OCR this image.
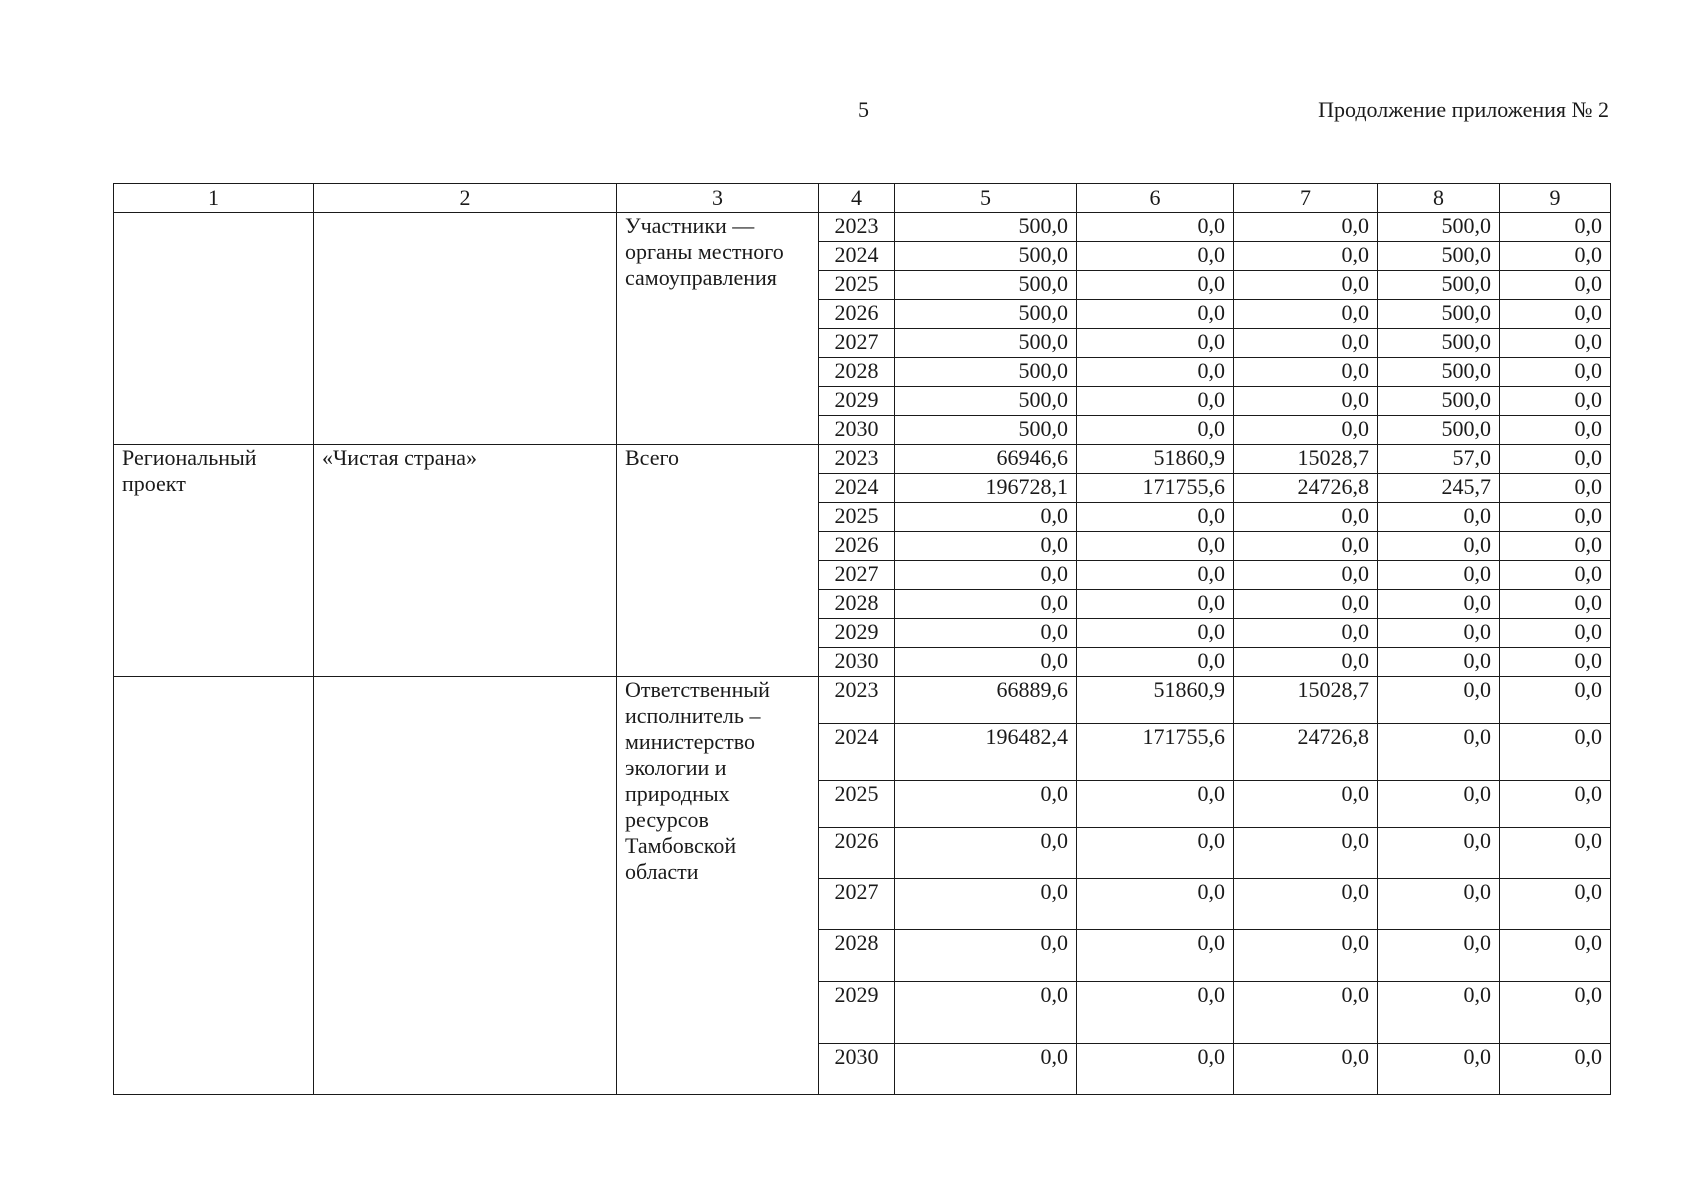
5	Продолжение приложения № 2
1	2	3	4	5	6	7	8	9
		Участники — органы местного самоуправления	2023	500,0	0,0	0,0	500,0	0,0
			2024	500,0	0,0	0,0	500,0	0,0
			2025	500,0	0,0	0,0	500,0	0,0
			2026	500,0	0,0	0,0	500,0	0,0
			2027	500,0	0,0	0,0	500,0	0,0
			2028	500,0	0,0	0,0	500,0	0,0
			2029	500,0	0,0	0,0	500,0	0,0
			2030	500,0	0,0	0,0	500,0	0,0
Региональный проект	«Чистая страна»	Всего	2023	66946,6	51860,9	15028,7	57,0	0,0
			2024	196728,1	171755,6	24726,8	245,7	0,0
			2025	0,0	0,0	0,0	0,0	0,0
			2026	0,0	0,0	0,0	0,0	0,0
			2027	0,0	0,0	0,0	0,0	0,0
			2028	0,0	0,0	0,0	0,0	0,0
			2029	0,0	0,0	0,0	0,0	0,0
			2030	0,0	0,0	0,0	0,0	0,0
		Ответственный исполнитель – министерство экологии и природных ресурсов Тамбовской области	2023	66889,6	51860,9	15028,7	0,0	0,0
			2024	196482,4	171755,6	24726,8	0,0	0,0
			2025	0,0	0,0	0,0	0,0	0,0
			2026	0,0	0,0	0,0	0,0	0,0
			2027	0,0	0,0	0,0	0,0	0,0
			2028	0,0	0,0	0,0	0,0	0,0
			2029	0,0	0,0	0,0	0,0	0,0
			2030	0,0	0,0	0,0	0,0	0,0
